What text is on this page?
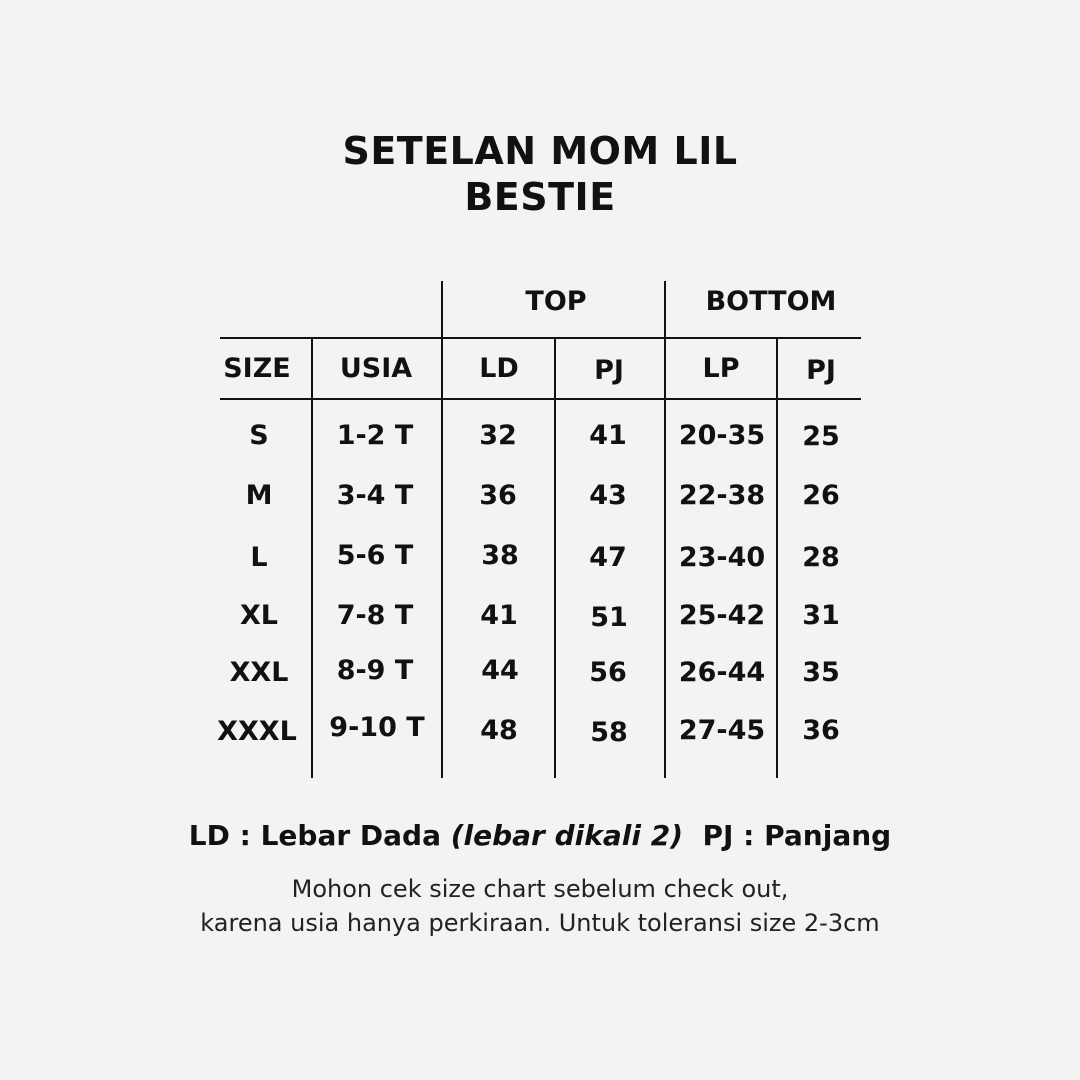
SETELAN MOM LIL
BESTIE
TOP	BOTTOM
SIZE	USIA	LD	PJ	LP	PJ
S	1-2 T	32	41	20-35	25
M	3-4 T	36	43	22-38	26
L	5-6 T	38	47	23-40	28
XL	7-8 T	41	51	25-42	31
XXL	8-9 T	44	56	26-44	35
XXXL	9-10 T	48	58	27-45	36
LD : Lebar Dada (lebar dikali 2)  PJ : Panjang
Mohon cek size chart sebelum check out,
karena usia hanya perkiraan. Untuk toleransi size 2-3cm
